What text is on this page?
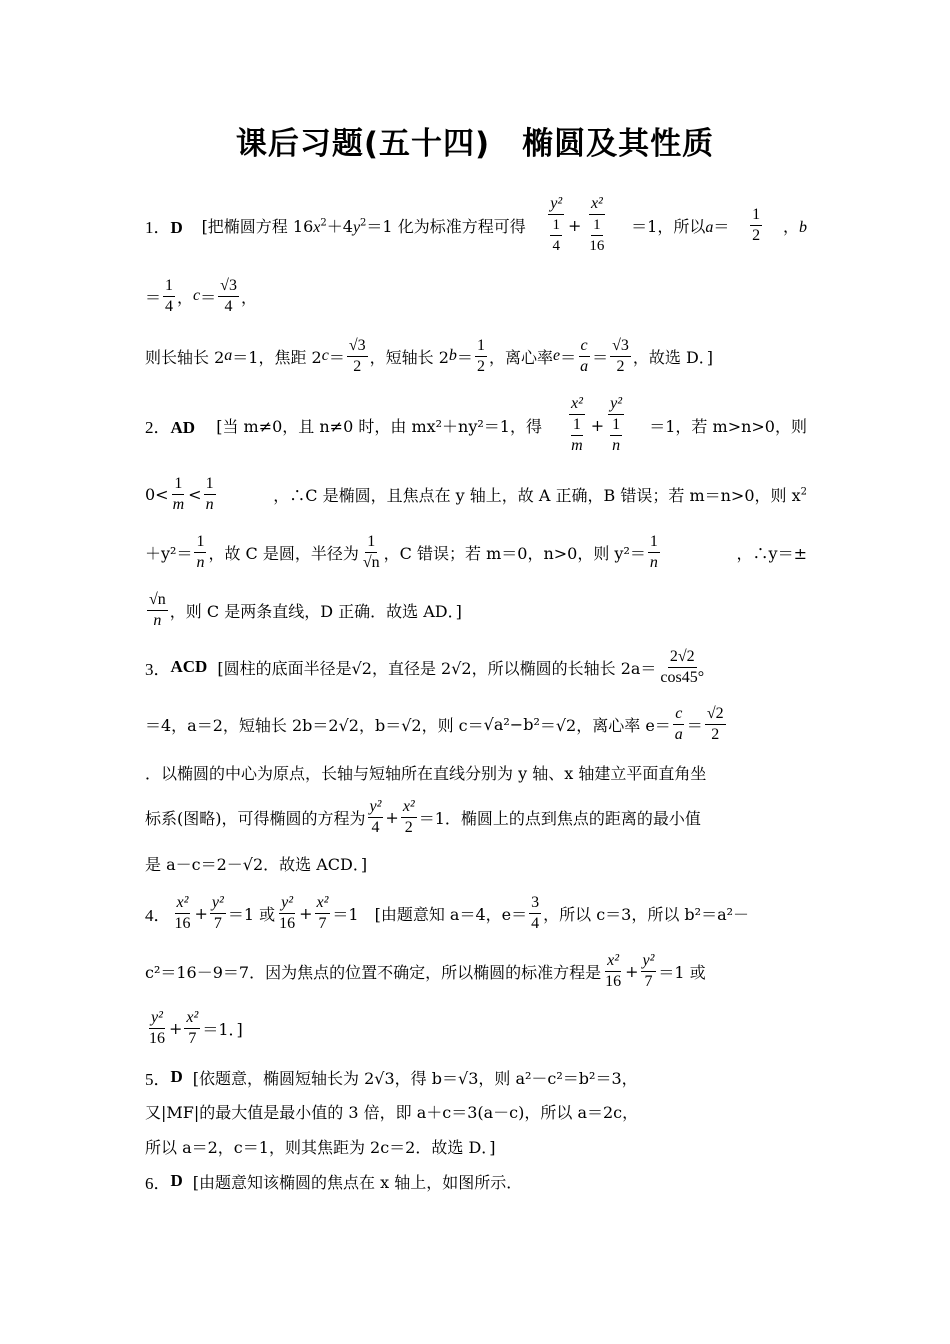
课后习题(五十四)　椭圆及其性质
1．D [把椭圆方程 $16x^2+4y^2=1$ 化为标准方程可得 $\frac{\text{y²}}{\frac{1}{4}} + \frac{\text{x²}}{\frac{1}{16}} =1$，所以$a= \frac{1}{2}$ ，b
＝ $\frac{1}{4}$ ， $c = \frac{√3}{4}$ ，
则长轴长 2 a ＝1，焦距 2 $c = \frac{√3}{2}$ ，短轴长 2 $b = \frac{1}{2}$ ，离心率 $e = \frac{c}{a} = \frac{√3}{2}$ ，故选 D．]
2．AD [当 m≠0，且 n≠0 时，由 mx²＋ny²＝1，得 $\frac{\text{x²}}{\frac{1}{m}} + \frac{\text{y²}}{\frac{1}{n}} =1$，若 m>n>0，则
$0< \frac{1}{m} < \frac{1}{n}$	，∴C 是椭圆，且焦点在 y 轴上，故 A 正确，B 错误；若 m＝n>0，则 $x^2$
$+y^2= \frac{1}{n}$ ，故 C 是圆，半径为 $\frac{1}{√n}$ ，C 错误；若 m＝0，n>0，则 $y^2= \frac{1}{n}$	，∴y＝±
$\frac{√n}{n}$ ，则 C 是两条直线，D 正确．故选 AD．]
3． ACD [圆柱的底面半径是√2，直径是 2√2，所以椭圆的长轴长 $2a= \frac{2√2}{\cos 45^\circ}$
＝4，a＝2，短轴长 2b＝2√2，b＝√2，则 c＝ √a²−b² ＝√2，离心率 $e= \frac{c}{a} = \frac{√2}{2}$
．以椭圆的中心为原点，长轴与短轴所在直线分别为 y 轴、x 轴建立平面直角坐
标系(图略)，可得椭圆的方程为 $\frac{\text{y²}}{4} + \frac{\text{x²}}{2} =1$．椭圆上的点到焦点的距离的最小值
是 a－c＝2－√2．故选 ACD．]
4． $\frac{\text{x²}}{16} + \frac{\text{y²}}{7} =1$ 或 $\frac{\text{y²}}{16} + \frac{\text{x²}}{7} =1$　[由题意知 a＝4，$e= \frac{3}{4}$ ，所以 c＝3，所以 b²＝a²－
c²＝16－9＝7．因为焦点的位置不确定，所以椭圆的标准方程是 $\frac{\text{x²}}{16} + \frac{\text{y²}}{7} =1$ 或
$\frac{\text{y²}}{16} + \frac{\text{x²}}{7} =1$．]
5． D [依题意，椭圆短轴长为 2√3，得 b＝√3，则 a²－c²＝b²＝3，
又|MF|的最大值是最小值的 3 倍，即 a＋c＝3(a－c)，所以 a＝2c，
所以 a＝2，c＝1，则其焦距为 2c＝2．故选 D．]
6． D [由题意知该椭圆的焦点在 x 轴上，如图所示．
